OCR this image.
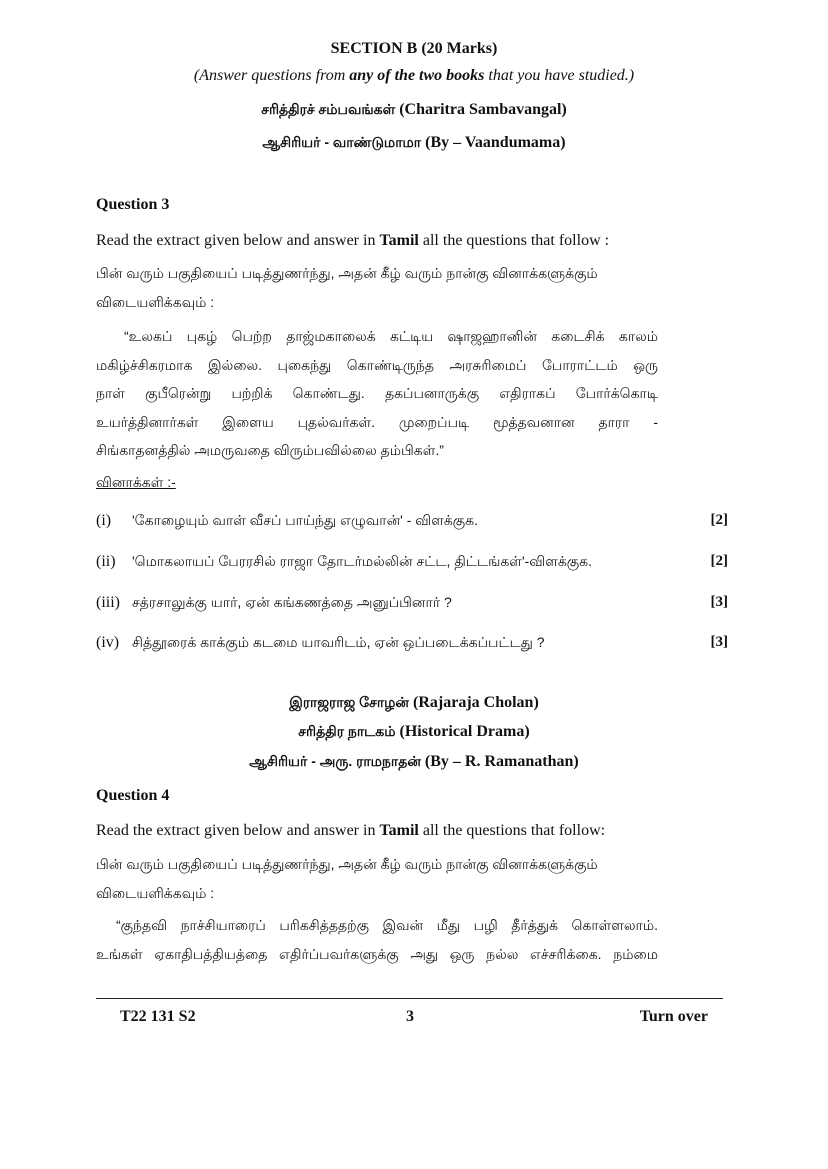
SECTION B (20 Marks)
(Answer questions from any of the two books that you have studied.)
சரித்திரச் சம்பவங்கள் (Charitra Sambavangal)
ஆசிரியர் - வாண்டுமாமா (By – Vaandumama)
Question 3
Read the extract given below and answer in Tamil all the questions that follow :
பின் வரும் பகுதியைப் படித்துணர்ந்து, அதன் கீழ் வரும் நான்கு வினாக்களுக்கும்
விடையளிக்கவும் :
“உலகப் புகழ் பெற்ற தாஜ்மகாலைக் கட்டிய ஷாஜஹானின் கடைசிக் காலம்
மகிழ்ச்சிகரமாக இல்லை. புகைந்து கொண்டிருந்த அரசுரிமைப் போராட்டம் ஒரு
நாள் குபீரென்று பற்றிக் கொண்டது. தகப்பனாருக்கு எதிராகப் போர்க்கொடி
உயர்த்தினார்கள் இளைய புதல்வர்கள். முறைப்படி மூத்தவனான தாரா -
சிங்காதனத்தில் அமருவதை விரும்பவில்லை தம்பிகள்.”
வினாக்கள் :-
(i) 'கோழையும் வாள் வீசப் பாய்ந்து எழுவான்' - விளக்குக.	[2]
(ii) 'மொகலாயப் பேரரசில் ராஜா தோடர்மல்லின் சட்ட, திட்டங்கள்'-விளக்குக.	[2]
(iii) சத்ரசாலுக்கு யார், ஏன் கங்கணத்தை அனுப்பினார் ?	[3]
(iv) சித்தூரைக் காக்கும் கடமை யாவரிடம், ஏன் ஒப்படைக்கப்பட்டது ?	[3]
இராஜராஜ சோழன் (Rajaraja Cholan)
சரித்திர நாடகம் (Historical Drama)
ஆசிரியர் - அரு. ராமநாதன் (By – R. Ramanathan)
Question 4
Read the extract given below and answer in Tamil all the questions that follow:
பின் வரும் பகுதியைப் படித்துணர்ந்து, அதன் கீழ் வரும் நான்கு வினாக்களுக்கும்
விடையளிக்கவும் :
“குந்தவி நாச்சியாரைப் பரிகசித்ததற்கு இவன் மீது பழி தீர்த்துக் கொள்ளலாம்.
உங்கள் ஏகாதிபத்தியத்தை எதிர்ப்பவர்களுக்கு அது ஒரு நல்ல எச்சரிக்கை. நம்மை
T22 131 S2	3	Turn over
